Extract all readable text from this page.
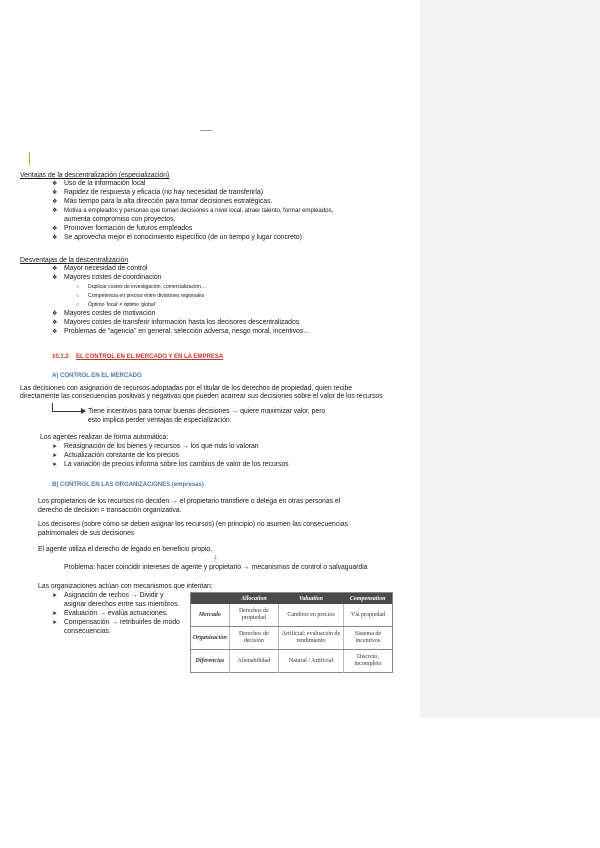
Ventajas de la descentralización (especialización)
❖ Uso de la información local
❖ Rapidez de respuesta y eficacia (no hay necesidad de transferirla)
❖ Más tiempo para la alta dirección para tomar decisiones estratégicas.
❖ Motiva a empleados y personas que toman decisiones a nivel local, atraer talento, formar empleados,
aumenta compromiso con proyectos.
❖ Promover formación de futuros empleados
❖ Se aprovecha mejor el conocimiento específico (de un tiempo y lugar concreto)
Desventajas de la descentralización
❖ Mayor necesidad de control
❖ Mayores costes de coordinación
○ Duplicar costes de investigación, comercialización…
○ Competencia en precios entre divisiones regionales
○ Óptimo 'local' ≠ óptimo 'global'
❖ Mayores costes de motivación
❖ Mayores costes de transferir información hasta los decisores descentralizados
❖ Problemas de "agencia" en general: selección adversa, riesgo moral, incentivos…
10.1.2 EL CONTROL EN EL MERCADO Y EN LA EMPRESA
A) CONTROL EN EL MERCADO
Las decisiones con asignación de recursos adoptadas por el titular de los derechos de propiedad, quien recibe
directamente las consecuencias positivas y negativas que pueden acarrear sus decisiones sobre el valor de los recursos
Tiene incentivos para tomar buenas decisiones → quiere maximizar valor, pero
esto implica perder ventajas de especialización.
Los agentes realizan de forma automática:
➤ Reasignación de los bienes y recursos → los que más lo valoran
➤ Actualización constante de los precios
➤ La variación de precios informa sobre los cambios de valor de los recursos
B) CONTROL EN LAS ORGANIZACIONES (empresas)
Los propietarios de los recursos no deciden → el propietario transfiere o delega en otras personas el
derecho de decisión = transacción organizativa.
Los decisores (sobre cómo se deben asignar los recursos) (en principio) no asumen las consecuencias
patrimoniales de sus decisiones
El agente utiliza el derecho de legado en beneficio propio.
↓
Problema: hacer coincidir intereses de agente y propietario → mecanismos de control o salvaguardia
Las organizaciones actúan con mecanismos que intentan:
➤ Asignación de rechos → Dividir y
asignar derechos entre sus miembros.
➤ Evaluación → evalúa actuaciones.
➤ Compensación → retribuirles de modo
consecuencias.
	Allocation	Valuation	Compensation
Mercado	Derechos de propiedad	Cambios en precios	Vía propiedad
Organización	Derechos de decisión	Artificial: evaluación de rendimiento	Sistema de incentivos
Diferencias	Alienabilidad	Natural / Artificial	Discreto, incompleto
